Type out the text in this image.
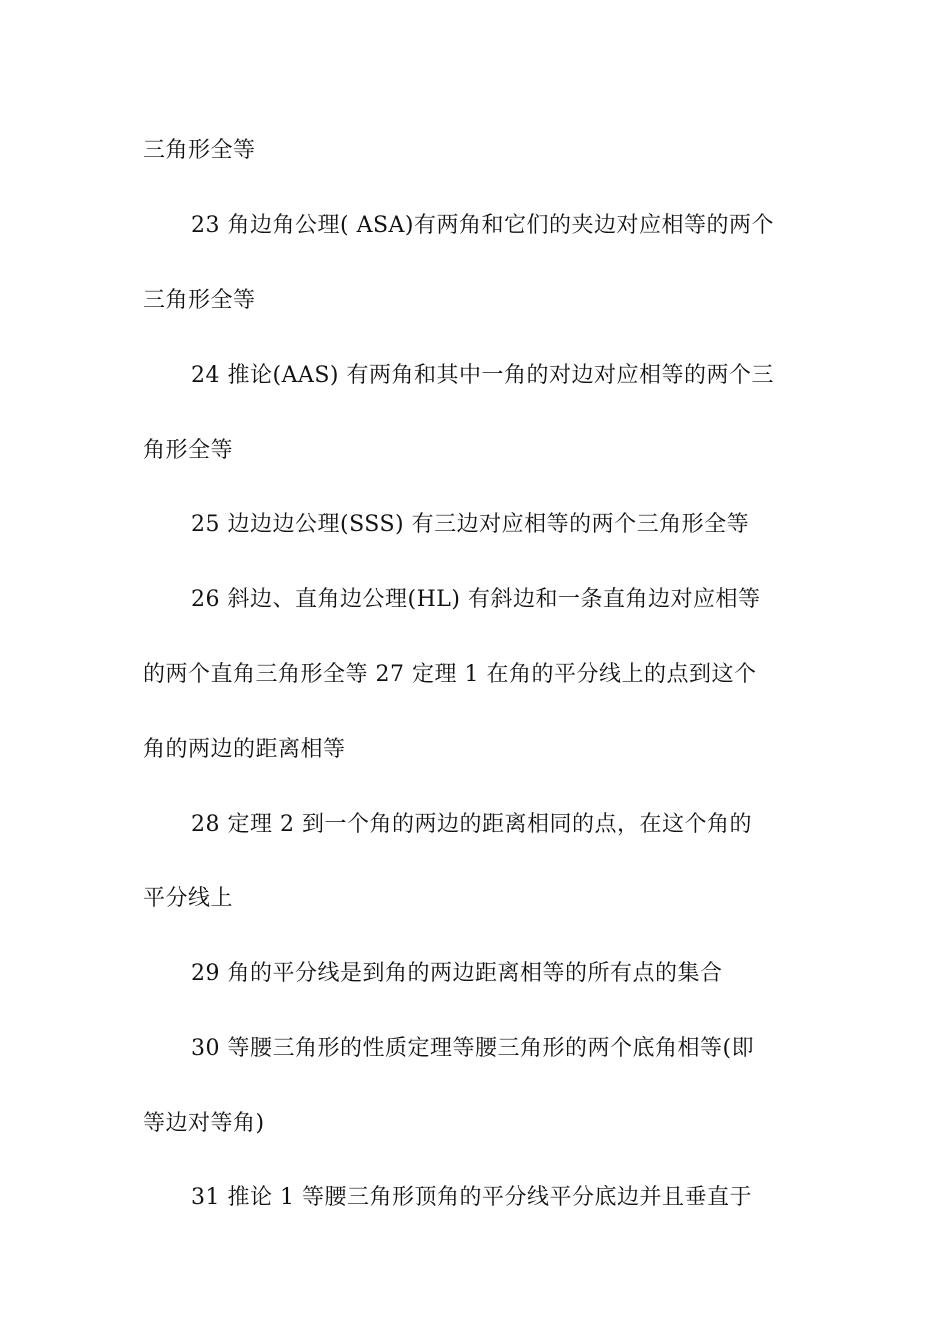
三角形全等
23 角边角公理( ASA)有两角和它们的夹边对应相等的两个
三角形全等
24 推论(AAS) 有两角和其中一角的对边对应相等的两个三
角形全等
25 边边边公理(SSS) 有三边对应相等的两个三角形全等
26 斜边、直角边公理(HL) 有斜边和一条直角边对应相等
的两个直角三角形全等 27 定理 1 在角的平分线上的点到这个
角的两边的距离相等
28 定理 2 到一个角的两边的距离相同的点，在这个角的
平分线上
29 角的平分线是到角的两边距离相等的所有点的集合
30 等腰三角形的性质定理等腰三角形的两个底角相等(即
等边对等角)
31 推论 1 等腰三角形顶角的平分线平分底边并且垂直于
